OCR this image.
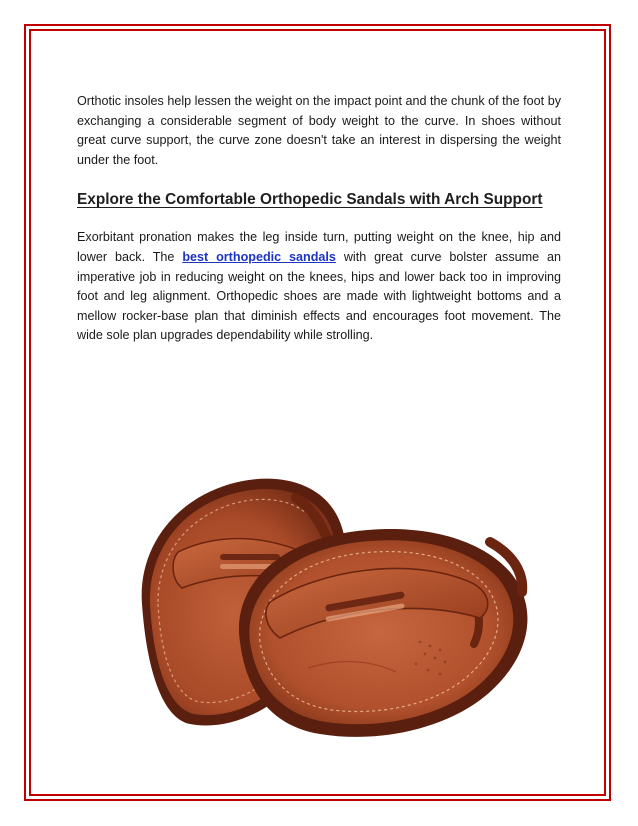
Orthotic insoles help lessen the weight on the impact point and the chunk of the foot by exchanging a considerable segment of body weight to the curve. In shoes without great curve support, the curve zone doesn't take an interest in dispersing the weight under the foot.

Explore the Comfortable Orthopedic Sandals with Arch Support

Exorbitant pronation makes the leg inside turn, putting weight on the knee, hip and lower back. The best orthopedic sandals with great curve bolster assume an imperative job in reducing weight on the knees, hips and lower back too in improving foot and leg alignment. Orthopedic shoes are made with lightweight bottoms and a mellow rocker-base plan that diminish effects and encourages foot movement. The wide sole plan upgrades dependability while strolling.
